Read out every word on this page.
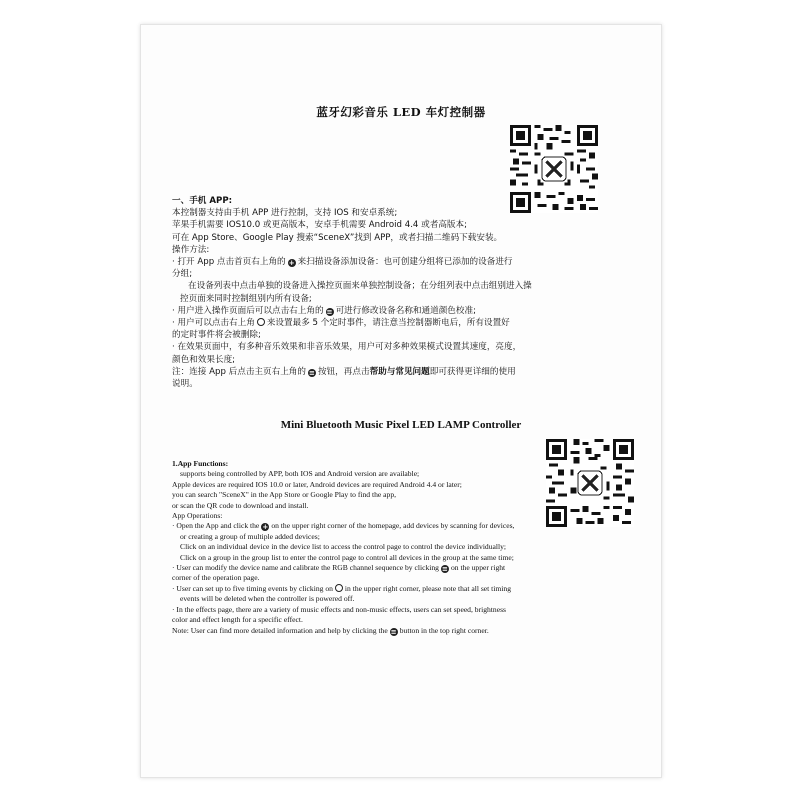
蓝牙幻彩音乐 LED 车灯控制器
一、手机 APP:
本控制器支持由手机 APP 进行控制，支持 IOS 和安卓系统;
苹果手机需要 IOS10.0 或更高版本，安卓手机需要 Android 4.4 或者高版本;
可在 App Store、Google Play 搜索“SceneX”找到 APP，或者扫描二维码下载安装。
操作方法:
· 打开 App 点击首页右上角的 + 来扫描设备添加设备：也可创建分组将已添加的设备进行
分组;
在设备列表中点击单独的设备进入操控页面来单独控制设备；在分组列表中点击组别进入操
控页面来同时控制组别内所有设备;
· 用户进入操作页面后可以点击右上角的 ≡ 可进行修改设备名称和通道颜色校准;
· 用户可以点击右上角 来设置最多 5 个定时事件，请注意当控制器断电后，所有设置好
的定时事件将会被删除;
· 在效果页面中，有多种音乐效果和非音乐效果，用户可对多种效果模式设置其速度，亮度，
颜色和效果长度;
注：连接 App 后点击主页右上角的 ≡ 按钮，再点击帮助与常见问题即可获得更详细的使用
说明。
Mini Bluetooth Music Pixel LED LAMP Controller
1.App Functions:
supports being controlled by APP, both IOS and Android version are available;
Apple devices are required IOS 10.0 or later, Android devices are required Android 4.4 or later;
you can search "SceneX" in the App Store or Google Play to find the app,
or scan the QR code to download and install.
App Operations:
· Open the App and click the + on the upper right corner of the homepage, add devices by scanning for devices,
or creating a group of multiple added devices;
Click on an individual device in the device list to access the control page to control the device individually;
Click on a group in the group list to enter the control page to control all devices in the group at the same time;
· User can modify the device name and calibrate the RGB channel sequence by clicking ≡ on the upper right
corner of the operation page.
· User can set up to five timing events by clicking on in the upper right corner, please note that all set timing
events will be deleted when the controller is powered off.
· In the effects page, there are a variety of music effects and non-music effects, users can set speed, brightness
color and effect length for a specific effect.
Note: User can find more detailed information and help by clicking the ≡ button in the top right corner.
